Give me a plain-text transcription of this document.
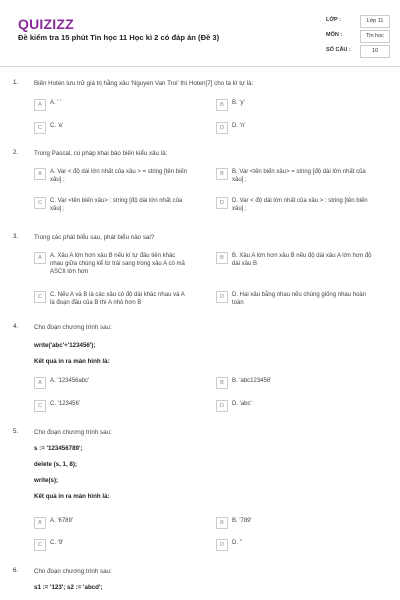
QUIZIZZ
Đề kiểm tra 15 phút Tin học 11 Học kì 2 có đáp án (Đề 3)
LỚP :	Lớp 11
MÔN :	Tin học
SỐ CÂU :	10
1.	Biến Hoten lưu trữ giá trị hằng xâu 'Nguyen Van Troi' thì Hoten[7] cho ta kí tự là:
A	A. ' '	B	B. 'y'
C	C. 'e'	D	D. 'n'
2.	Trong Pascal, cú pháp khai báo biến kiểu xâu là:
A	A. Var < độ dài lớn nhất của xâu > = string [tên biến xâu] ;
B	B. Var <tên biến xâu> = string [độ dài lớn nhất của xâu] ;
C	C. Var <tên biến xâu> : string [độ dài lớn nhất của xâu] ;
D	D. Var < độ dài lớn nhất của xâu > : string [tên biến xâu] ;
3.	Trong các phát biểu sau, phát biểu nào sai?
A	A. Xâu A lớn hơn xâu B nếu kí tự đầu tiên khác nhau giữa chúng kể từ trái sang trong xâu A có mã ASCII lớn hơn
B	B. Xâu A lớn hơn xâu B nếu độ dài xâu A lớn hơn độ dài xâu B
C	C. Nếu A và B là các xâu có độ dài khác nhau và A là đoạn đầu của B thì A nhỏ hơn B
D	D. Hai xâu bằng nhau nếu chúng giống nhau hoàn toàn
4.	Cho đoạn chương trình sau:
write('abc'+'123456');
Kết quả in ra màn hình là:
A	A. '123456abc'	B	B. 'abc123456'
C	C. '123456'	D	D. 'abc'
5.	Cho đoạn chương trình sau:
s := '123456789';
delete (s, 1, 8);
write(s);
Kết quả in ra màn hình là:
A	A. '6789'	B	B. '789'
C	C. '9'	D	D. ''
6.	Cho đoạn chương trình sau:
s1 := '123'; s2 := 'abcd';
